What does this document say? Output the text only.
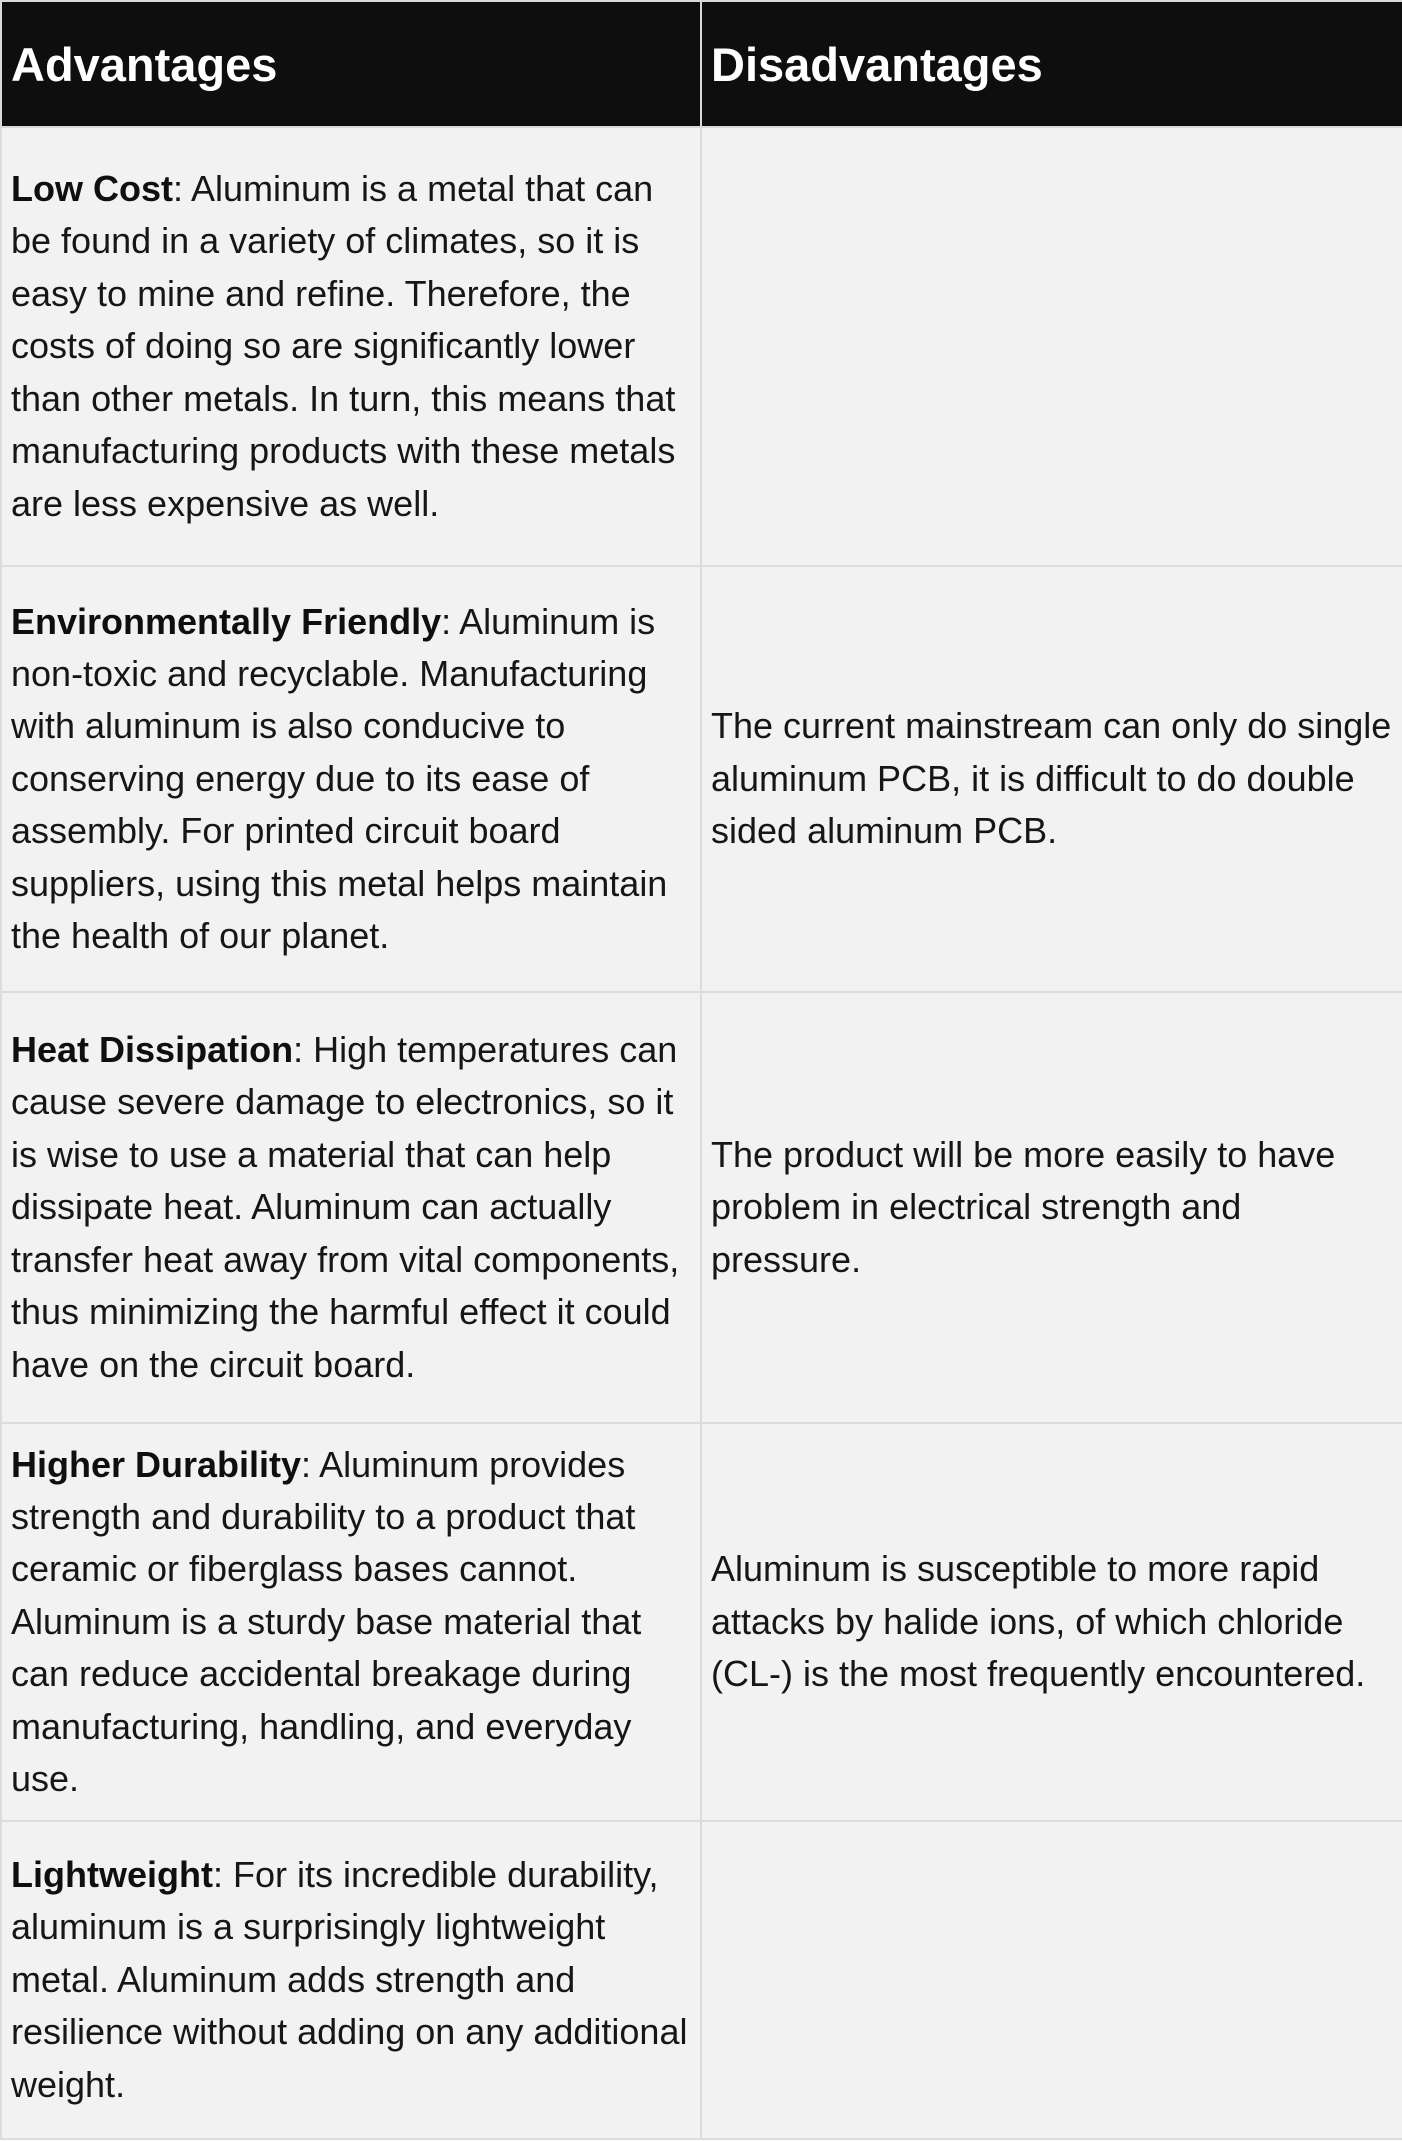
Advantages	Disadvantages
Low Cost: Aluminum is a metal that can be found in a variety of climates, so it is easy to mine and refine. Therefore, the costs of doing so are significantly lower than other metals. In turn, this means that manufacturing products with these metals are less expensive as well.	
Environmentally Friendly: Aluminum is non-toxic and recyclable. Manufacturing with aluminum is also conducive to conserving energy due to its ease of assembly. For printed circuit board suppliers, using this metal helps maintain the health of our planet.	The current mainstream can only do single aluminum PCB, it is difficult to do double sided aluminum PCB.
Heat Dissipation: High temperatures can cause severe damage to electronics, so it is wise to use a material that can help dissipate heat. Aluminum can actually transfer heat away from vital components, thus minimizing the harmful effect it could have on the circuit board.	The product will be more easily to have problem in electrical strength and pressure.
Higher Durability: Aluminum provides strength and durability to a product that ceramic or fiberglass bases cannot. Aluminum is a sturdy base material that can reduce accidental breakage during manufacturing, handling, and everyday use.	Aluminum is susceptible to more rapid attacks by halide ions, of which chloride (CL-) is the most frequently encountered.
Lightweight: For its incredible durability, aluminum is a surprisingly lightweight metal. Aluminum adds strength and resilience without adding on any additional weight.	
